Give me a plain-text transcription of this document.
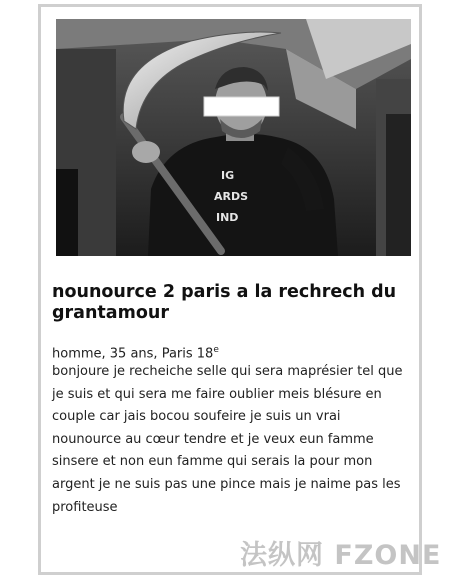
IG
ARDS
IND
nounource 2 paris a la rechrech du grantamour

homme, 35 ans, Paris 18e

bonjoure je recheiche selle qui sera maprésier tel que je suis et qui sera me faire oublier meis blésure en couple car jais bocou soufeire je suis un vrai nounource au cœur tendre et je veux eun famme sinsere et non eun famme qui serais la pour mon argent je ne suis pas une pince mais je naime pas les profiteuse

法纵网 FZONE
